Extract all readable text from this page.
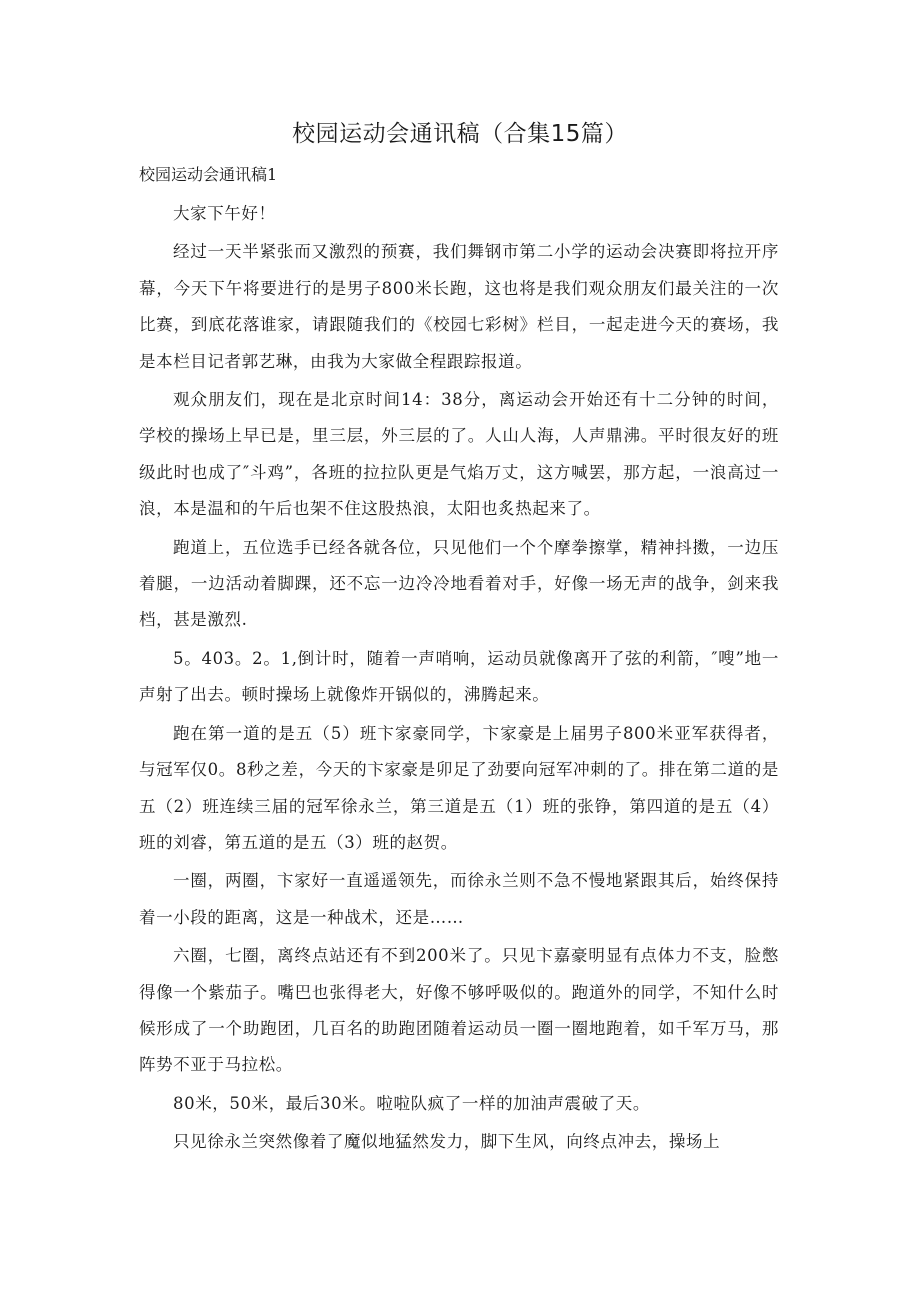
校园运动会通讯稿（合集15篇）
校园运动会通讯稿1

大家下午好！

经过一天半紧张而又激烈的预赛，我们舞钢市第二小学的运动会决赛即将拉开序幕，今天下午将要进行的是男子800米长跑，这也将是我们观众朋友们最关注的一次比赛，到底花落谁家，请跟随我们的《校园七彩树》栏目，一起走进今天的赛场，我是本栏目记者郭艺琳，由我为大家做全程跟踪报道。

观众朋友们，现在是北京时间14：38分，离运动会开始还有十二分钟的时间，学校的操场上早已是，里三层，外三层的了。人山人海，人声鼎沸。平时很友好的班级此时也成了″斗鸡”，各班的拉拉队更是气焰万丈，这方喊罢，那方起，一浪高过一浪，本是温和的午后也架不住这股热浪，太阳也炙热起来了。

跑道上，五位选手已经各就各位，只见他们一个个摩拳擦掌，精神抖擞，一边压着腿，一边活动着脚踝，还不忘一边冷冷地看着对手，好像一场无声的战争，剑来我档，甚是激烈.

5。403。2。1,倒计时，随着一声哨响，运动员就像离开了弦的利箭，″嗖”地一声射了出去。顿时操场上就像炸开锅似的，沸腾起来。

跑在第一道的是五（5）班卞家豪同学，卞家豪是上届男子800米亚军获得者，与冠军仅0。8秒之差，今天的卞家豪是卯足了劲要向冠军冲刺的了。排在第二道的是五（2）班连续三届的冠军徐永兰，第三道是五（1）班的张铮，第四道的是五（4）班的刘睿，第五道的是五（3）班的赵贺。

一圈，两圈，卞家好一直遥遥领先，而徐永兰则不急不慢地紧跟其后，始终保持着一小段的距离，这是一种战术，还是……

六圈，七圈，离终点站还有不到200米了。只见卞嘉豪明显有点体力不支，脸憋得像一个紫茄子。嘴巴也张得老大，好像不够呼吸似的。跑道外的同学，不知什么时候形成了一个助跑团，几百名的助跑团随着运动员一圈一圈地跑着，如千军万马，那阵势不亚于马拉松。

80米，50米，最后30米。啦啦队疯了一样的加油声震破了天。

只见徐永兰突然像着了魔似地猛然发力，脚下生风，向终点冲去，操场上
